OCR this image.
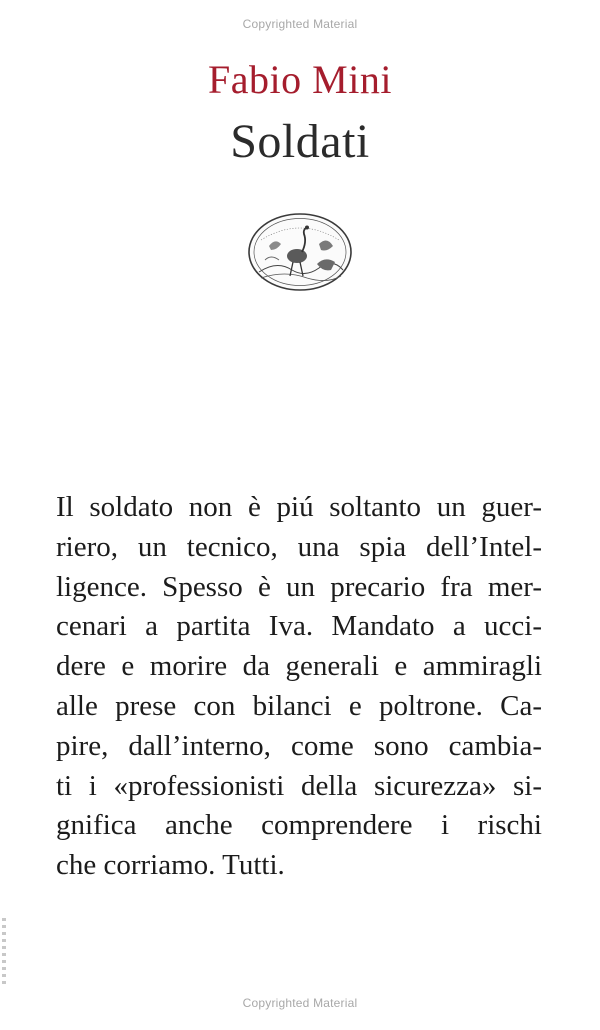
Copyrighted Material
Fabio Mini
Soldati
Il soldato non è piú soltanto un guer-
riero, un tecnico, una spia dell’Intel-
ligence. Spesso è un precario fra mer-
cenari a partita Iva. Mandato a ucci-
dere e morire da generali e ammiragli
alle prese con bilanci e poltrone. Ca-
pire, dall’interno, come sono cambia-
ti i «professionisti della sicurezza» si-
gnifica anche comprendere i rischi
che corriamo. Tutti.
Copyrighted Material
